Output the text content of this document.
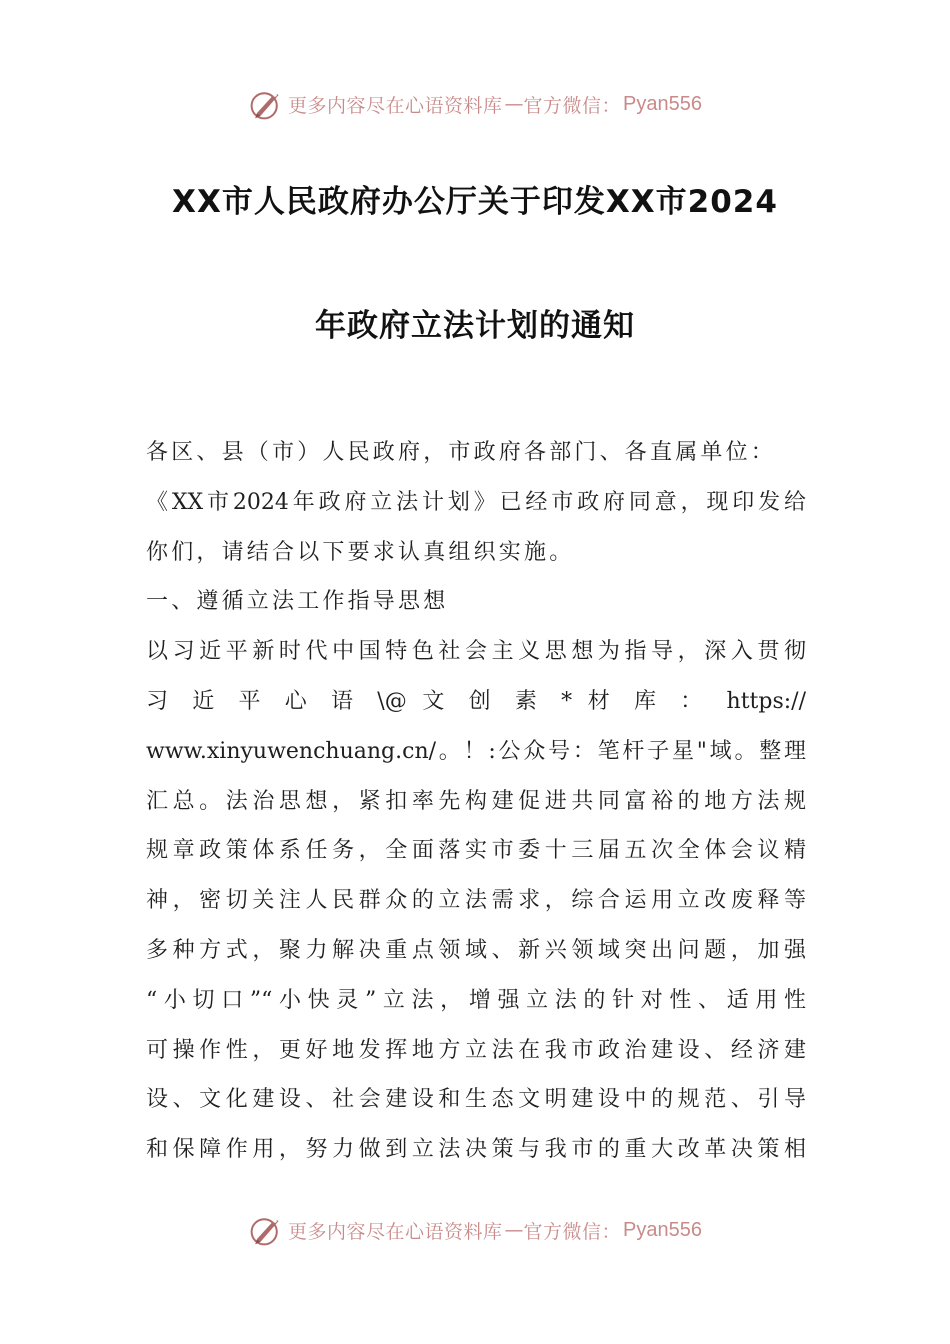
更多内容尽在心语资料库 — 官方微信： Pyan556
XX市人民政府办公厅关于印发XX市2024
年政府立法计划的通知
各区、县（市）人民政府，市政府各部门、各直属单位：
《XX市2024年政府立法计划》已经市政府同意，现印发给
你们，请结合以下要求认真组织实施。
一、遵循立法工作指导思想
以习近平新时代中国特色社会主义思想为指导，深入贯彻
习 近 平 心 语 \@ 文 创 素 * 材 库 ： https://
www.xinyuwenchuang.cn/。！:公众号：笔杆子星"域。整理
汇总。法治思想，紧扣率先构建促进共同富裕的地方法规
规章政策体系任务，全面落实市委十三届五次全体会议精
神，密切关注人民群众的立法需求，综合运用立改废释等
多种方式，聚力解决重点领域、新兴领域突出问题，加强
“小切口”“小快灵”立法，增强立法的针对性、适用性
可操作性，更好地发挥地方立法在我市政治建设、经济建
设、文化建设、社会建设和生态文明建设中的规范、引导
和保障作用，努力做到立法决策与我市的重大改革决策相
更多内容尽在心语资料库 — 官方微信： Pyan556
